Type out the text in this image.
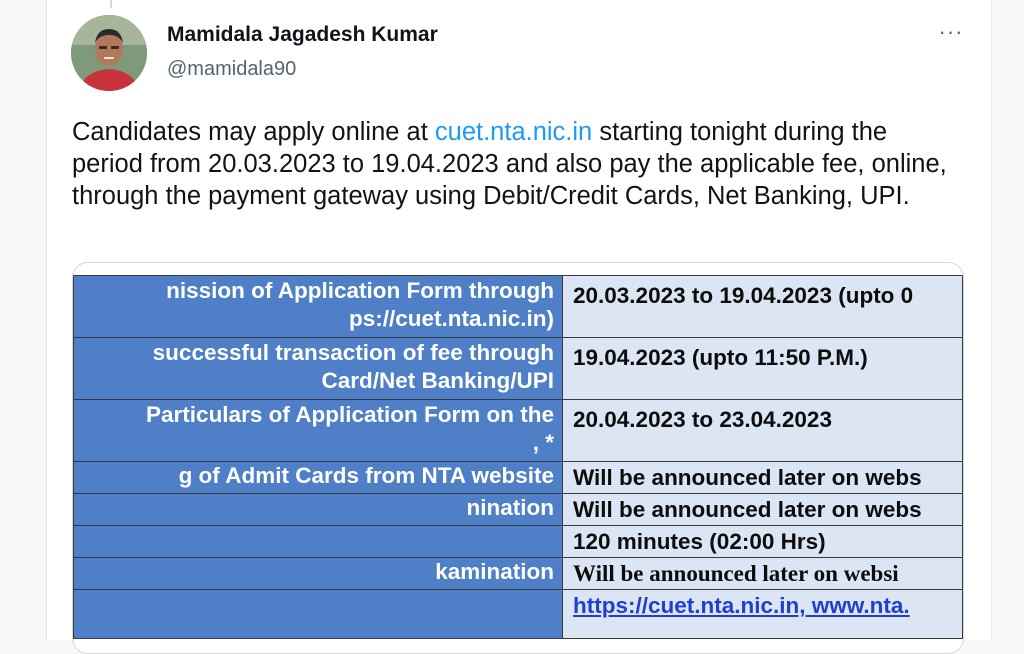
Mamidala Jagadesh Kumar
@mamidala90
···
Candidates may apply online at cuet.nta.nic.in starting tonight during the period from 20.03.2023 to 19.04.2023 and also pay the applicable fee, online, through the payment gateway using Debit/Credit Cards, Net Banking, UPI.
nission of Application Form through
ps://cuet.nta.nic.in)	20.03.2023 to 19.04.2023 (upto 0

successful transaction of fee through
Card/Net Banking/UPI	19.04.2023 (upto 11:50 P.M.)

Particulars of Application Form on the
, *	20.04.2023 to 23.04.2023

g of Admit Cards from NTA website	Will be announced later on webs

nination	Will be announced later on webs

	120 minutes (02:00 Hrs)

kamination	Will be announced later on websi

	https://cuet.nta.nic.in, www.nta.
